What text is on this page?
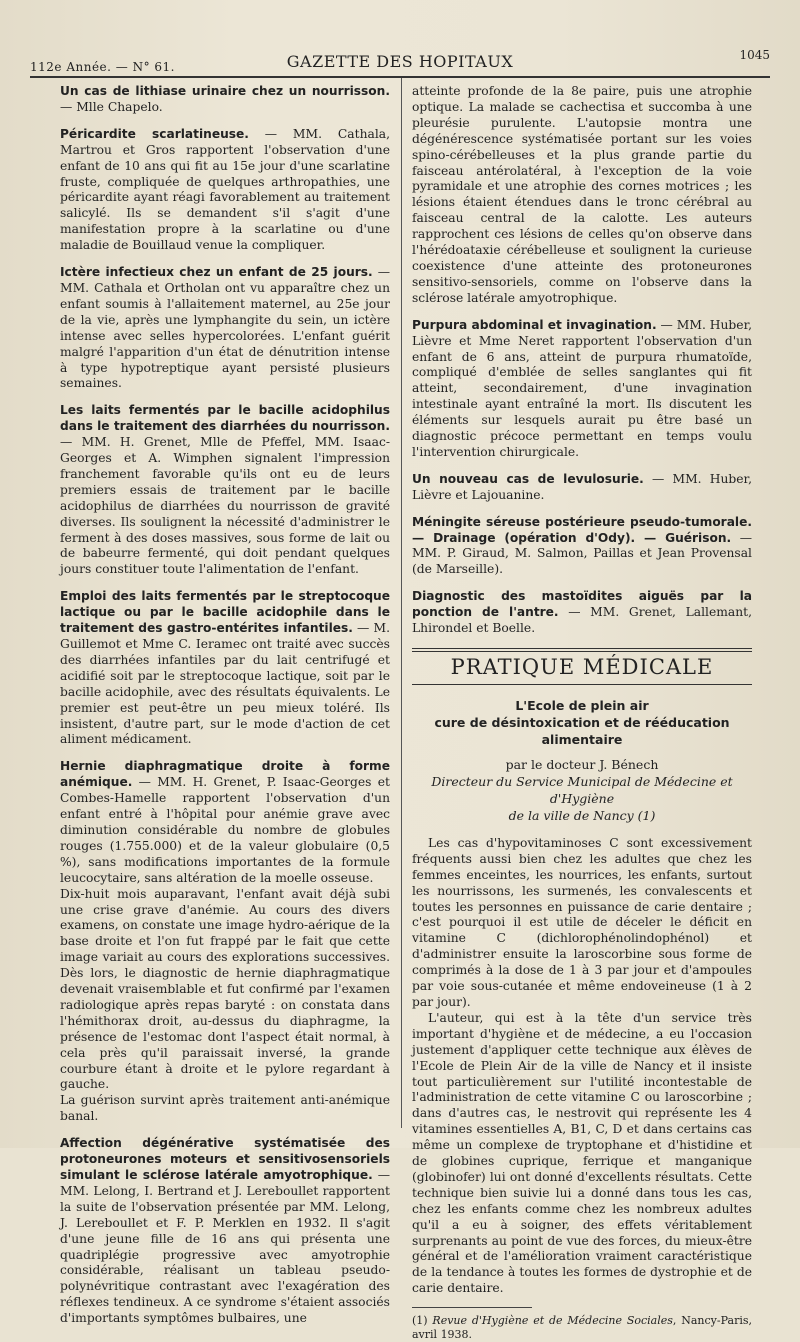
112e Année. — N° 61.	GAZETTE DES HOPITAUX	1045

Un cas de lithiase urinaire chez un nourrisson. — Mlle Chapelo.

Péricardite scarlatineuse. — MM. Cathala, Martrou et Gros rapportent l'observation d'une enfant de 10 ans qui fit au 15e jour d'une scarlatine fruste, compliquée de quelques arthropathies, une péricardite ayant réagi favorablement au traitement salicylé. Ils se demandent s'il s'agit d'une manifestation propre à la scarlatine ou d'une maladie de Bouillaud venue la compliquer.

Ictère infectieux chez un enfant de 25 jours. — MM. Cathala et Ortholan ont vu apparaître chez un enfant soumis à l'allaitement maternel, au 25e jour de la vie, après une lymphangite du sein, un ictère intense avec selles hypercolorées. L'enfant guérit malgré l'apparition d'un état de dénutrition intense à type hypotreptique ayant persisté plusieurs semaines.

Les laits fermentés par le bacille acidophilus dans le traitement des diarrhées du nourrisson. — MM. H. Grenet, Mlle de Pfeffel, MM. Isaac-Georges et A. Wimphen signalent l'impression franchement favorable qu'ils ont eu de leurs premiers essais de traitement par le bacille acidophilus de diarrhées du nourrisson de gravité diverses. Ils soulignent la nécessité d'administrer le ferment à des doses massives, sous forme de lait ou de babeurre fermenté, qui doit pendant quelques jours constituer toute l'alimentation de l'enfant.

Emploi des laits fermentés par le streptocoque lactique ou par le bacille acidophile dans le traitement des gastro-entérites infantiles. — M. Guillemot et Mme C. Ieramec ont traité avec succès des diarrhées infantiles par du lait centrifugé et acidifié soit par le streptocoque lactique, soit par le bacille acidophile, avec des résultats équivalents. Le premier est peut-être un peu mieux toléré. Ils insistent, d'autre part, sur le mode d'action de cet aliment médicament.

Hernie diaphragmatique droite à forme anémique. — MM. H. Grenet, P. Isaac-Georges et Combes-Hamelle rapportent l'observation d'un enfant entré à l'hôpital pour anémie grave avec diminution considérable du nombre de globules rouges (1.755.000) et de la valeur globulaire (0,5 %), sans modifications importantes de la formule leucocytaire, sans altération de la moelle osseuse.

Dix-huit mois auparavant, l'enfant avait déjà subi une crise grave d'anémie. Au cours des divers examens, on constate une image hydro-aérique de la base droite et l'on fut frappé par le fait que cette image variait au cours des explorations successives. Dès lors, le diagnostic de hernie diaphragmatique devenait vraisemblable et fut confirmé par l'examen radiologique après repas baryté : on constata dans l'hémithorax droit, au-dessus du diaphragme, la présence de l'estomac dont l'aspect était normal, à cela près qu'il paraissait inversé, la grande courbure étant à droite et le pylore regardant à gauche.

La guérison survint après traitement anti-anémique banal.

Affection dégénérative systématisée des protoneurones moteurs et sensitivosensoriels simulant le sclérose latérale amyotrophique. — MM. Lelong, I. Bertrand et J. Lereboullet rapportent la suite de l'observation présentée par MM. Lelong, J. Lereboullet et F. P. Merklen en 1932. Il s'agit d'une jeune fille de 16 ans qui présenta une quadriplégie progressive avec amyotrophie considérable, réalisant un tableau pseudo-polynévritique contrastant avec l'exagération des réflexes tendineux. A ce syndrome s'étaient associés d'importants symptômes bulbaires, une

atteinte profonde de la 8e paire, puis une atrophie optique. La malade se cachectisa et succomba à une pleurésie purulente. L'autopsie montra une dégénérescence systématisée portant sur les voies spino-cérébelleuses et la plus grande partie du faisceau antérolatéral, à l'exception de la voie pyramidale et une atrophie des cornes motrices ; les lésions étaient étendues dans le tronc cérébral au faisceau central de la calotte. Les auteurs rapprochent ces lésions de celles qu'on observe dans l'hérédoataxie cérébelleuse et soulignent la curieuse coexistence d'une atteinte des protoneurones sensitivo-sensoriels, comme on l'observe dans la sclérose latérale amyotrophique.

Purpura abdominal et invagination. — MM. Huber, Lièvre et Mme Neret rapportent l'observation d'un enfant de 6 ans, atteint de purpura rhumatoïde, compliqué d'emblée de selles sanglantes qui fit atteint, secondairement, d'une invagination intestinale ayant entraîné la mort. Ils discutent les éléments sur lesquels aurait pu être basé un diagnostic précoce permettant en temps voulu l'intervention chirurgicale.

Un nouveau cas de levulosurie. — MM. Huber, Lièvre et Lajouanine.

Méningite séreuse postérieure pseudo-tumorale. — Drainage (opération d'Ody). — Guérison. — MM. P. Giraud, M. Salmon, Paillas et Jean Provensal (de Marseille).

Diagnostic des mastoïdites aiguës par la ponction de l'antre. — MM. Grenet, Lallemant, Lhirondel et Boelle.

PRATIQUE MÉDICALE
L'Ecole de plein air
cure de désintoxication et de rééducation alimentaire
par le docteur J. Bénech
Directeur du Service Municipal de Médecine et d'Hygiène
de la ville de Nancy (1)

Les cas d'hypovitaminoses C sont excessivement fréquents aussi bien chez les adultes que chez les femmes enceintes, les nourrices, les enfants, surtout les nourrissons, les surmenés, les convalescents et toutes les personnes en puissance de carie dentaire ; c'est pourquoi il est utile de déceler le déficit en vitamine C (dichlorophénolindophénol) et d'administrer ensuite la laroscorbine sous forme de comprimés à la dose de 1 à 3 par jour et d'ampoules par voie sous-cutanée et même endoveineuse (1 à 2 par jour).

L'auteur, qui est à la tête d'un service très important d'hygiène et de médecine, a eu l'occasion justement d'appliquer cette technique aux élèves de l'Ecole de Plein Air de la ville de Nancy et il insiste tout particulièrement sur l'utilité incontestable de l'administration de cette vitamine C ou laroscorbine ; dans d'autres cas, le nestrovit qui représente les 4 vitamines essentielles A, B1, C, D et dans certains cas même un complexe de tryptophane et d'histidine et de globines cuprique, ferrique et manganique (globinofer) lui ont donné d'excellents résultats. Cette technique bien suivie lui a donné dans tous les cas, chez les enfants comme chez les nombreux adultes qu'il a eu à soigner, des effets véritablement surprenants au point de vue des forces, du mieux-être général et de l'amélioration vraiment caractéristique de la tendance à toutes les formes de dystrophie et de carie dentaire.

(1) Revue d'Hygiène et de Médecine Sociales, Nancy-Paris, avril 1938.
